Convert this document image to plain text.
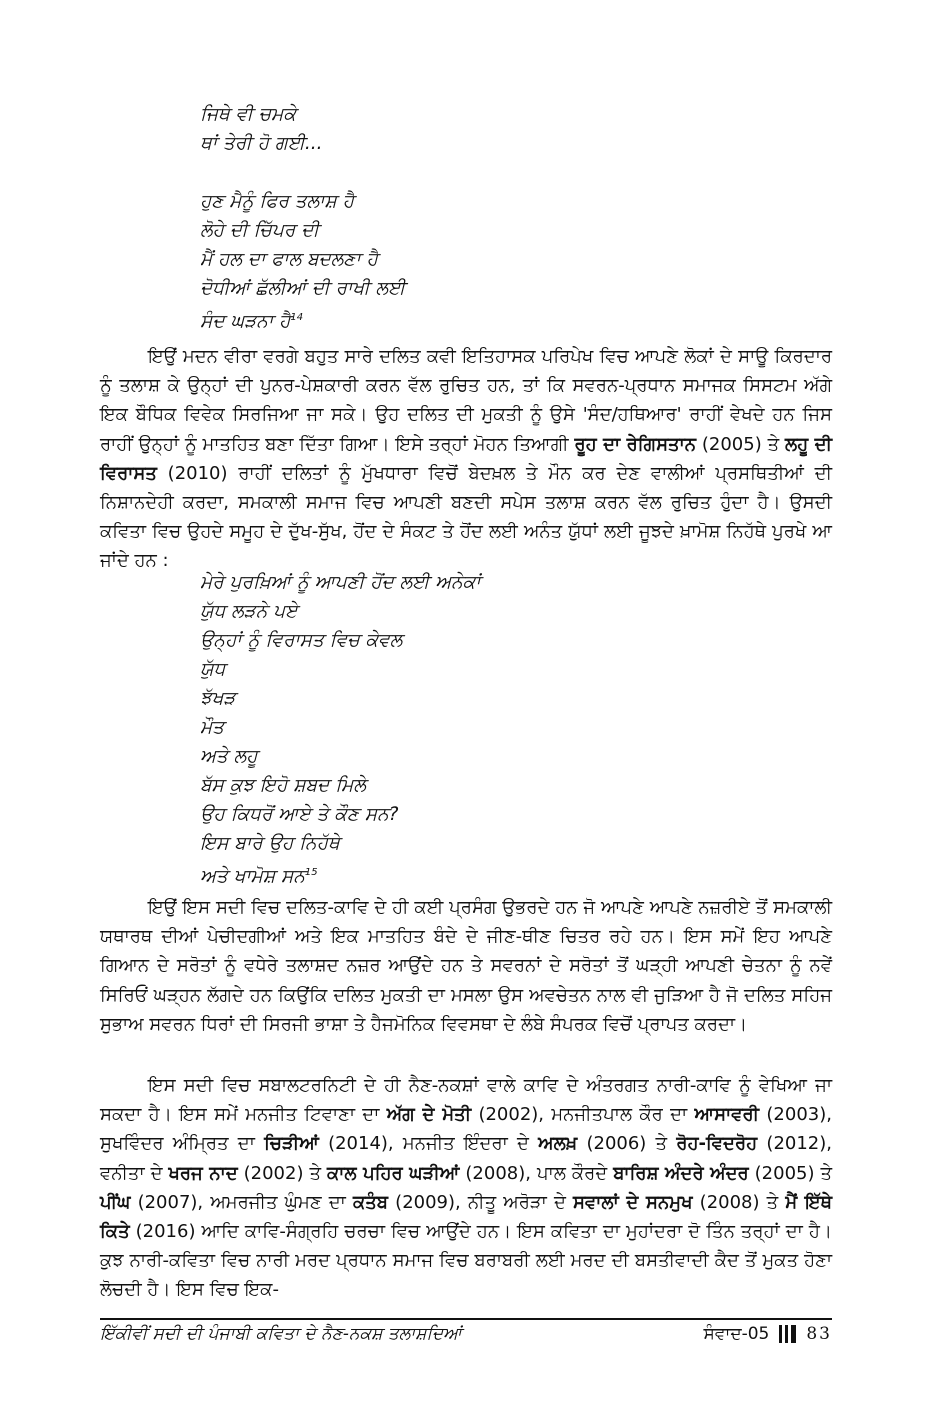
ਜਿਥੇ ਵੀ ਚਮਕੇ
ਥਾਂ ਤੇਰੀ ਹੋ ਗਈ...

ਹੁਣ ਮੈਨੂੰ ਫਿਰ ਤਲਾਸ਼ ਹੈ
ਲੋਹੇ ਦੀ ਚਿੱਪਰ ਦੀ
ਮੈਂ ਹਲ ਦਾ ਫਾਲ ਬਦਲਣਾ ਹੈ
ਦੋਧੀਆਂ ਛੱਲੀਆਂ ਦੀ ਰਾਖੀ ਲਈ
ਸੰਦ ਘੜਨਾ ਹੈ$^{14}$
ਇਉਂ ਮਦਨ ਵੀਰਾ ਵਰਗੇ ਬਹੁਤ ਸਾਰੇ ਦਲਿਤ ਕਵੀ ਇਤਿਹਾਸਕ ਪਰਿਪੇਖ ਵਿਚ ਆਪਣੇ ਲੋਕਾਂ ਦੇ ਸਾਊ ਕਿਰਦਾਰ ਨੂੰ ਤਲਾਸ਼ ਕੇ ਉਨ੍ਹਾਂ ਦੀ ਪੁਨਰ-ਪੇਸ਼ਕਾਰੀ ਕਰਨ ਵੱਲ ਰੁਚਿਤ ਹਨ, ਤਾਂ ਕਿ ਸਵਰਨ-ਪ੍ਰਧਾਨ ਸਮਾਜਕ ਸਿਸਟਮ ਅੱਗੇ ਇਕ ਬੌਧਿਕ ਵਿਵੇਕ ਸਿਰਜਿਆ ਜਾ ਸਕੇ। ਉਹ ਦਲਿਤ ਦੀ ਮੁਕਤੀ ਨੂੰ ਉਸੇ 'ਸੰਦ/ਹਥਿਆਰ' ਰਾਹੀਂ ਵੇਖਦੇ ਹਨ ਜਿਸ ਰਾਹੀਂ ਉਨ੍ਹਾਂ ਨੂੰ ਮਾਤਹਿਤ ਬਣਾ ਦਿੱਤਾ ਗਿਆ। ਇਸੇ ਤਰ੍ਹਾਂ ਮੋਹਨ ਤਿਆਗੀ ਰੂਹ ਦਾ ਰੇਗਿਸਤਾਨ (2005) ਤੇ ਲਹੂ ਦੀ ਵਿਰਾਸਤ (2010) ਰਾਹੀਂ ਦਲਿਤਾਂ ਨੂੰ ਮੁੱਖਧਾਰਾ ਵਿਚੋਂ ਬੇਦਖ਼ਲ ਤੇ ਮੌਨ ਕਰ ਦੇਣ ਵਾਲੀਆਂ ਪ੍ਰਸਥਿਤੀਆਂ ਦੀ ਨਿਸ਼ਾਨਦੇਹੀ ਕਰਦਾ, ਸਮਕਾਲੀ ਸਮਾਜ ਵਿਚ ਆਪਣੀ ਬਣਦੀ ਸਪੇਸ ਤਲਾਸ਼ ਕਰਨ ਵੱਲ ਰੁਚਿਤ ਹੁੰਦਾ ਹੈ। ਉਸਦੀ ਕਵਿਤਾ ਵਿਚ ਉਹਦੇ ਸਮੂਹ ਦੇ ਦੁੱਖ-ਸੁੱਖ, ਹੋਂਦ ਦੇ ਸੰਕਟ ਤੇ ਹੋਂਦ ਲਈ ਅਨੰਤ ਯੁੱਧਾਂ ਲਈ ਜੂਝਦੇ ਖ਼ਾਮੋਸ਼ ਨਿਹੱਥੇ ਪੁਰਖੇ ਆ ਜਾਂਦੇ ਹਨ :
ਮੇਰੇ ਪੁਰਖ਼ਿਆਂ ਨੂੰ ਆਪਣੀ ਹੋਂਦ ਲਈ ਅਨੇਕਾਂ
ਯੁੱਧ ਲੜਨੇ ਪਏ
ਉਨ੍ਹਾਂ ਨੂੰ ਵਿਰਾਸਤ ਵਿਚ ਕੇਵਲ
ਯੁੱਧ
ਝੱਖੜ
ਮੌਤ
ਅਤੇ ਲਹੂ
ਬੱਸ ਕੁਝ ਇਹੋ ਸ਼ਬਦ ਮਿਲੇ
ਉਹ ਕਿਧਰੋਂ ਆਏ ਤੇ ਕੌਣ ਸਨ?
ਇਸ ਬਾਰੇ ਉਹ ਨਿਹੱਥੇ
ਅਤੇ ਖਾਮੋਸ਼ ਸਨ$^{15}$
ਇਉਂ ਇਸ ਸਦੀ ਵਿਚ ਦਲਿਤ-ਕਾਵਿ ਦੇ ਹੀ ਕਈ ਪ੍ਰਸੰਗ ਉਭਰਦੇ ਹਨ ਜੋ ਆਪਣੇ ਆਪਣੇ ਨਜ਼ਰੀਏ ਤੋਂ ਸਮਕਾਲੀ ਯਥਾਰਥ ਦੀਆਂ ਪੇਚੀਦਗੀਆਂ ਅਤੇ ਇਕ ਮਾਤਹਿਤ ਬੰਦੇ ਦੇ ਜੀਣ-ਥੀਣ ਚਿਤਰ ਰਹੇ ਹਨ। ਇਸ ਸਮੇਂ ਇਹ ਆਪਣੇ ਗਿਆਨ ਦੇ ਸਰੋਤਾਂ ਨੂੰ ਵਧੇਰੇ ਤਲਾਸ਼ਦ ਨਜ਼ਰ ਆਉਂਦੇ ਹਨ ਤੇ ਸਵਰਨਾਂ ਦੇ ਸਰੋਤਾਂ ਤੋਂ ਘੜ੍ਹੀ ਆਪਣੀ ਚੇਤਨਾ ਨੂੰ ਨਵੇਂ ਸਿਰਿਓਂ ਘੜ੍ਹਨ ਲੱਗਦੇ ਹਨ ਕਿਉਂਕਿ ਦਲਿਤ ਮੁਕਤੀ ਦਾ ਮਸਲਾ ਉਸ ਅਵਚੇਤਨ ਨਾਲ ਵੀ ਜੁੜਿਆ ਹੈ ਜੋ ਦਲਿਤ ਸਹਿਜ ਸੁਭਾਅ ਸਵਰਨ ਧਿਰਾਂ ਦੀ ਸਿਰਜੀ ਭਾਸ਼ਾ ਤੇ ਹੈਜਮੋਨਿਕ ਵਿਵਸਥਾ ਦੇ ਲੰਬੇ ਸੰਪਰਕ ਵਿਚੋਂ ਪ੍ਰਾਪਤ ਕਰਦਾ।
ਇਸ ਸਦੀ ਵਿਚ ਸਬਾਲਟਰਨਿਟੀ ਦੇ ਹੀ ਨੈਣ-ਨਕਸ਼ਾਂ ਵਾਲੇ ਕਾਵਿ ਦੇ ਅੰਤਰਗਤ ਨਾਰੀ-ਕਾਵਿ ਨੂੰ ਵੇਖਿਆ ਜਾ ਸਕਦਾ ਹੈ। ਇਸ ਸਮੇਂ ਮਨਜੀਤ ਟਿਵਾਣਾ ਦਾ ਅੱਗ ਦੇ ਮੋਤੀ (2002), ਮਨਜੀਤਪਾਲ ਕੌਰ ਦਾ ਆਸਾਵਰੀ (2003), ਸੁਖਵਿੰਦਰ ਅੰਮ੍ਰਿਤ ਦਾ ਚਿੜੀਆਂ (2014), ਮਨਜੀਤ ਇੰਦਰਾ ਦੇ ਅਲਖ਼ (2006) ਤੇ ਰੋਹ-ਵਿਦਰੋਹ (2012), ਵਨੀਤਾ ਦੇ ਖਰਜ ਨਾਦ (2002) ਤੇ ਕਾਲ ਪਹਿਰ ਘੜੀਆਂ (2008), ਪਾਲ ਕੌਰਦੇ ਬਾਰਿਸ਼ ਅੰਦਰੇ ਅੰਦਰ (2005) ਤੇ ਪੀਂਘ (2007), ਅਮਰਜੀਤ ਘੁੰਮਣ ਦਾ ਕਤੰਬ (2009), ਨੀਤੂ ਅਰੋੜਾ ਦੇ ਸਵਾਲਾਂ ਦੇ ਸਨਮੁਖ (2008) ਤੇ ਮੈਂ ਇੱਥੇ ਕਿਤੇ (2016) ਆਦਿ ਕਾਵਿ-ਸੰਗ੍ਰਹਿ ਚਰਚਾ ਵਿਚ ਆਉਂਦੇ ਹਨ। ਇਸ ਕਵਿਤਾ ਦਾ ਮੁਹਾਂਦਰਾ ਦੋ ਤਿੰਨ ਤਰ੍ਹਾਂ ਦਾ ਹੈ। ਕੁਝ ਨਾਰੀ-ਕਵਿਤਾ ਵਿਚ ਨਾਰੀ ਮਰਦ ਪ੍ਰਧਾਨ ਸਮਾਜ ਵਿਚ ਬਰਾਬਰੀ ਲਈ ਮਰਦ ਦੀ ਬਸਤੀਵਾਦੀ ਕੈਦ ਤੋਂ ਮੁਕਤ ਹੋਣਾ ਲੋਚਦੀ ਹੈ। ਇਸ ਵਿਚ ਇਕ-
ਇੱਕੀਵੀਂ ਸਦੀ ਦੀ ਪੰਜਾਬੀ ਕਵਿਤਾ ਦੇ ਨੈਣ-ਨਕਸ਼ ਤਲਾਸ਼ਦਿਆਂ	ਸੰਵਾਦ-05 83
